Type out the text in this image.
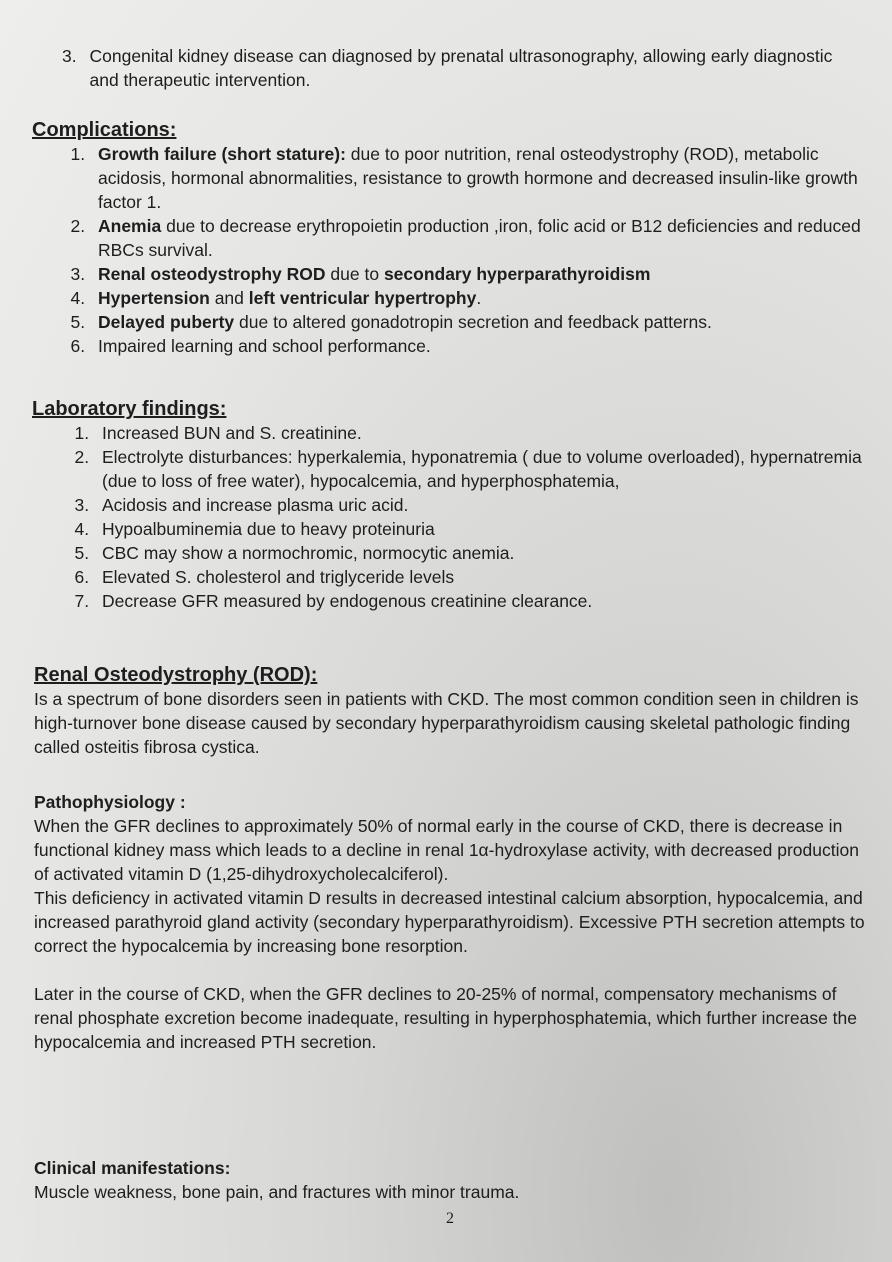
3. Congenital kidney disease can diagnosed by prenatal ultrasonography, allowing early diagnostic and therapeutic intervention.
Complications:
1. Growth failure (short stature): due to poor nutrition, renal osteodystrophy (ROD), metabolic acidosis, hormonal abnormalities, resistance to growth hormone and decreased insulin-like growth factor 1.
2. Anemia due to decrease erythropoietin production ,iron, folic acid or B12 deficiencies and reduced RBCs survival.
3. Renal osteodystrophy ROD due to secondary hyperparathyroidism
4. Hypertension and left ventricular hypertrophy.
5. Delayed puberty due to altered gonadotropin secretion and feedback patterns.
6. Impaired learning and school performance.
Laboratory findings:
1. Increased BUN and S. creatinine.
2. Electrolyte disturbances: hyperkalemia, hyponatremia ( due to volume overloaded), hypernatremia (due to loss of free water), hypocalcemia, and hyperphosphatemia,
3. Acidosis and increase plasma uric acid.
4. Hypoalbuminemia due to heavy proteinuria
5. CBC may show a normochromic, normocytic anemia.
6. Elevated S. cholesterol and triglyceride levels
7. Decrease GFR measured by endogenous creatinine clearance.
Renal Osteodystrophy (ROD):

Is a spectrum of bone disorders seen in patients with CKD. The most common condition seen in children is high-turnover bone disease caused by secondary hyperparathyroidism causing skeletal pathologic finding called osteitis fibrosa cystica.

Pathophysiology :

When the GFR declines to approximately 50% of normal early in the course of CKD, there is decrease in functional kidney mass which leads to a decline in renal 1α-hydroxylase activity, with decreased production of activated vitamin D (1,25-dihydroxycholecalciferol).

This deficiency in activated vitamin D results in decreased intestinal calcium absorption, hypocalcemia, and increased parathyroid gland activity (secondary hyperparathyroidism). Excessive PTH secretion attempts to correct the hypocalcemia by increasing bone resorption.

Later in the course of CKD, when the GFR declines to 20-25% of normal, compensatory mechanisms of renal phosphate excretion become inadequate, resulting in hyperphosphatemia, which further increase the hypocalcemia and increased PTH secretion.

Clinical manifestations:

Muscle weakness, bone pain, and fractures with minor trauma.

2
